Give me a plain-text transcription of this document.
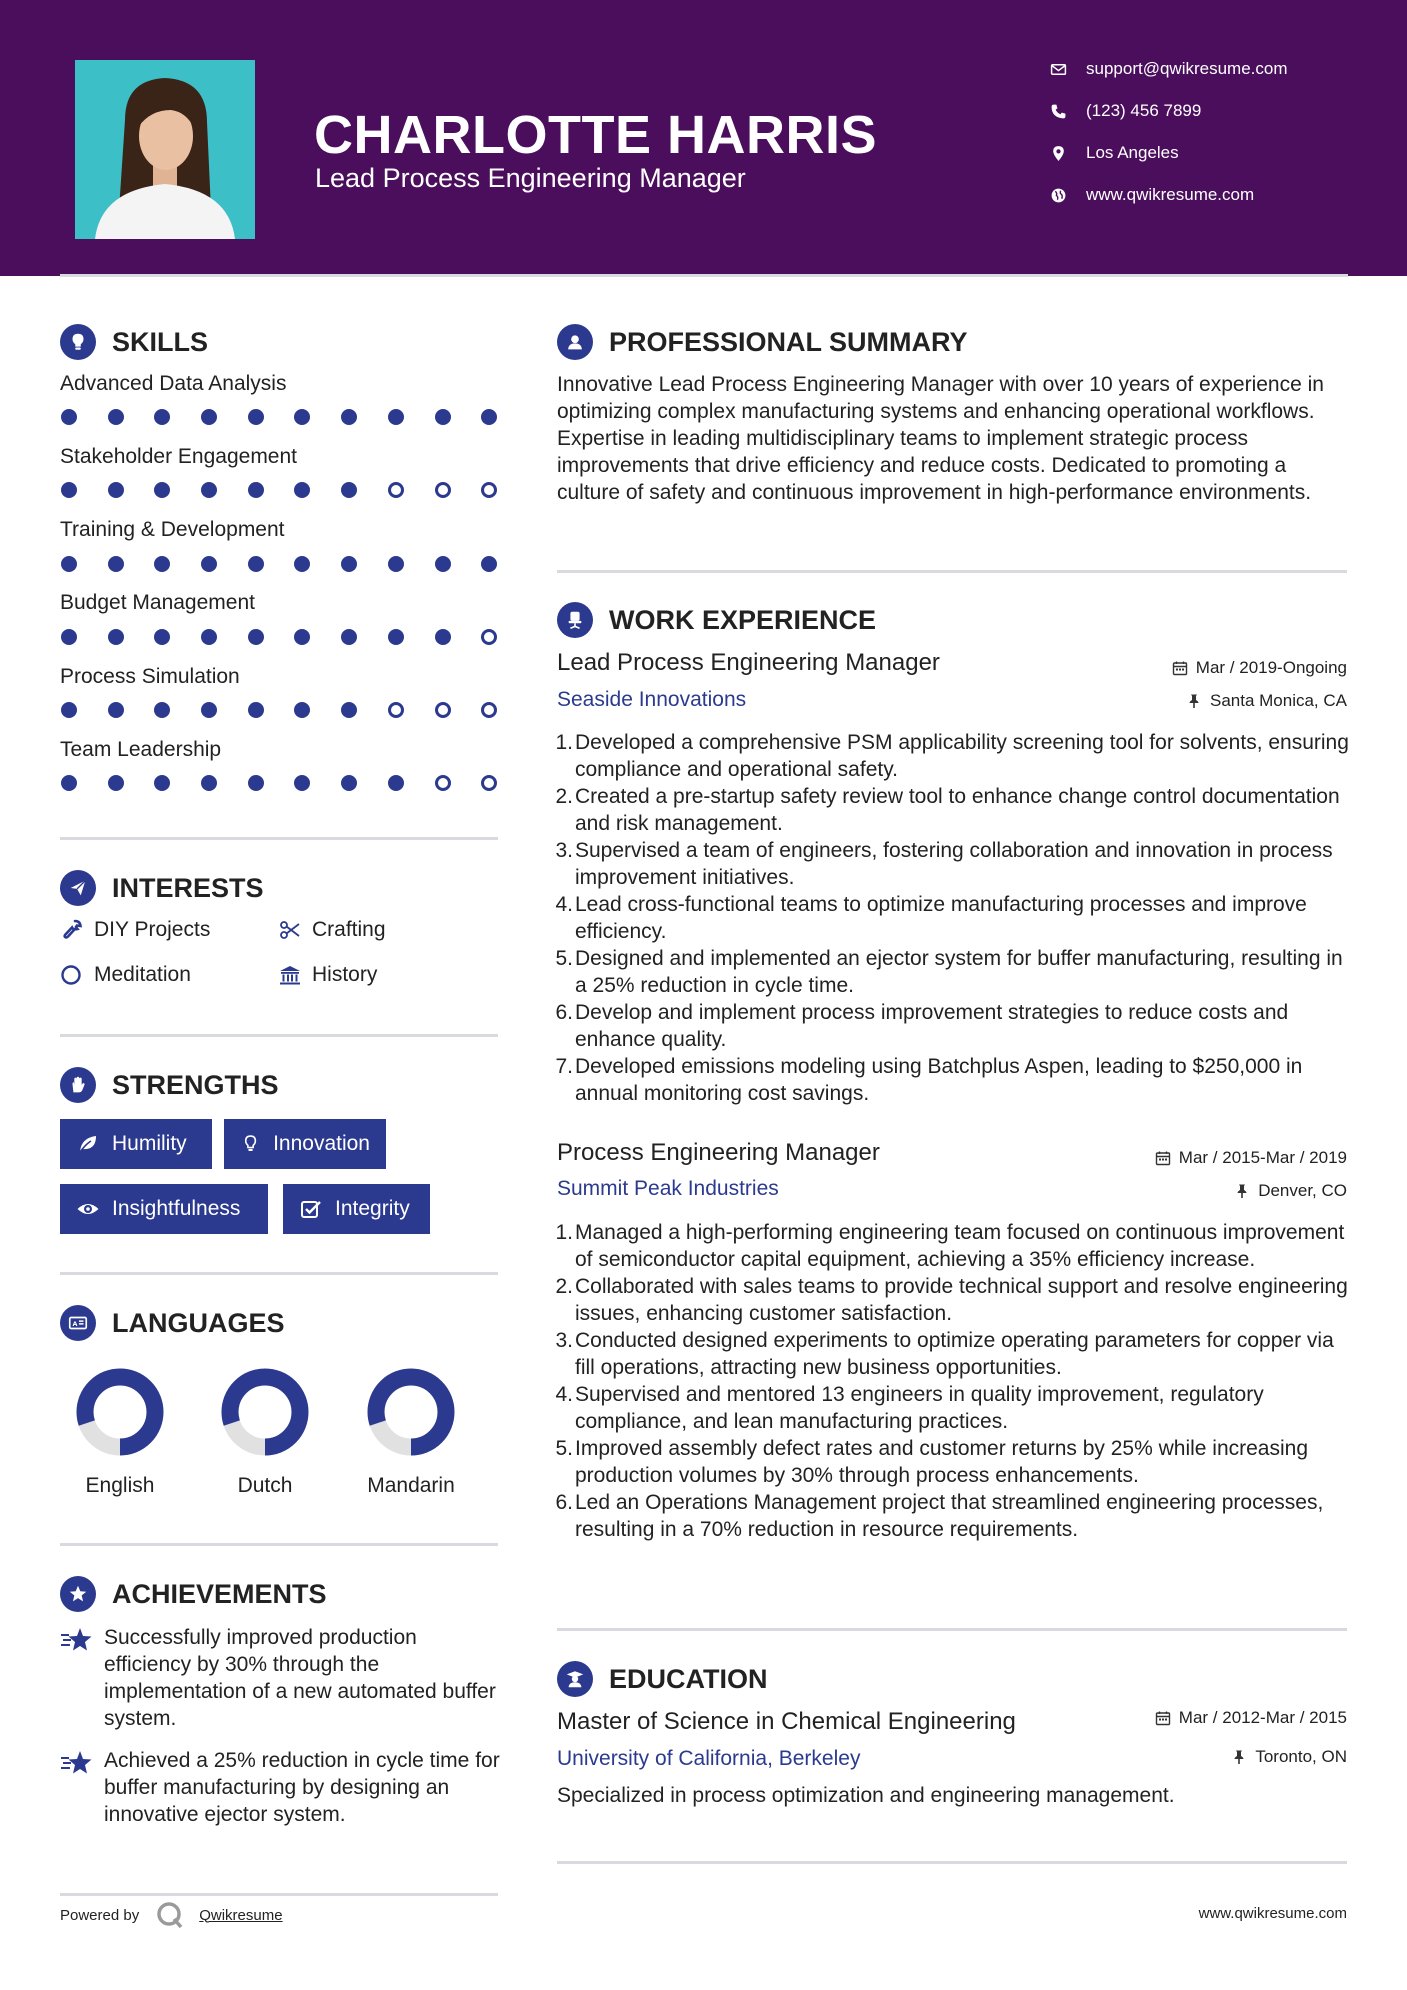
CHARLOTTE HARRIS
Lead Process Engineering Manager
support@qwikresume.com
(123) 456 7899
Los Angeles
www.qwikresume.com
SKILLS
Advanced Data Analysis
Stakeholder Engagement
Training & Development
Budget Management
Process Simulation
Team Leadership
INTERESTS
DIY Projects	Crafting
Meditation	History
STRENGTHS
Humility	Innovation
Insightfulness	Integrity
A LANGUAGES
English	Dutch	Mandarin
ACHIEVEMENTS
Successfully improved production efficiency by 30% through the implementation of a new automated buffer system.
Achieved a 25% reduction in cycle time for buffer manufacturing by designing an innovative ejector system.
Powered by	Qwikresume	www.qwikresume.com
PROFESSIONAL SUMMARY
Innovative Lead Process Engineering Manager with over 10 years of experience in optimizing complex manufacturing systems and enhancing operational workflows. Expertise in leading multidisciplinary teams to implement strategic process improvements that drive efficiency and reduce costs. Dedicated to promoting a culture of safety and continuous improvement in high-performance environments.
WORK EXPERIENCE
Lead Process Engineering Manager	Mar / 2019-Ongoing
Seaside Innovations	Santa Monica, CA
1. Developed a comprehensive PSM applicability screening tool for solvents, ensuring compliance and operational safety.
2. Created a pre-startup safety review tool to enhance change control documentation and risk management.
3. Supervised a team of engineers, fostering collaboration and innovation in process improvement initiatives.
4. Lead cross-functional teams to optimize manufacturing processes and improve efficiency.
5. Designed and implemented an ejector system for buffer manufacturing, resulting in a 25% reduction in cycle time.
6. Develop and implement process improvement strategies to reduce costs and enhance quality.
7. Developed emissions modeling using Batchplus Aspen, leading to $250,000 in annual monitoring cost savings.
Process Engineering Manager	Mar / 2015-Mar / 2019
Summit Peak Industries	Denver, CO
1. Managed a high-performing engineering team focused on continuous improvement of semiconductor capital equipment, achieving a 35% efficiency increase.
2. Collaborated with sales teams to provide technical support and resolve engineering issues, enhancing customer satisfaction.
3. Conducted designed experiments to optimize operating parameters for copper via fill operations, attracting new business opportunities.
4. Supervised and mentored 13 engineers in quality improvement, regulatory compliance, and lean manufacturing practices.
5. Improved assembly defect rates and customer returns by 25% while increasing production volumes by 30% through process enhancements.
6. Led an Operations Management project that streamlined engineering processes, resulting in a 70% reduction in resource requirements.
EDUCATION
Master of Science in Chemical Engineering	Mar / 2012-Mar / 2015
University of California, Berkeley	Toronto, ON
Specialized in process optimization and engineering management.
